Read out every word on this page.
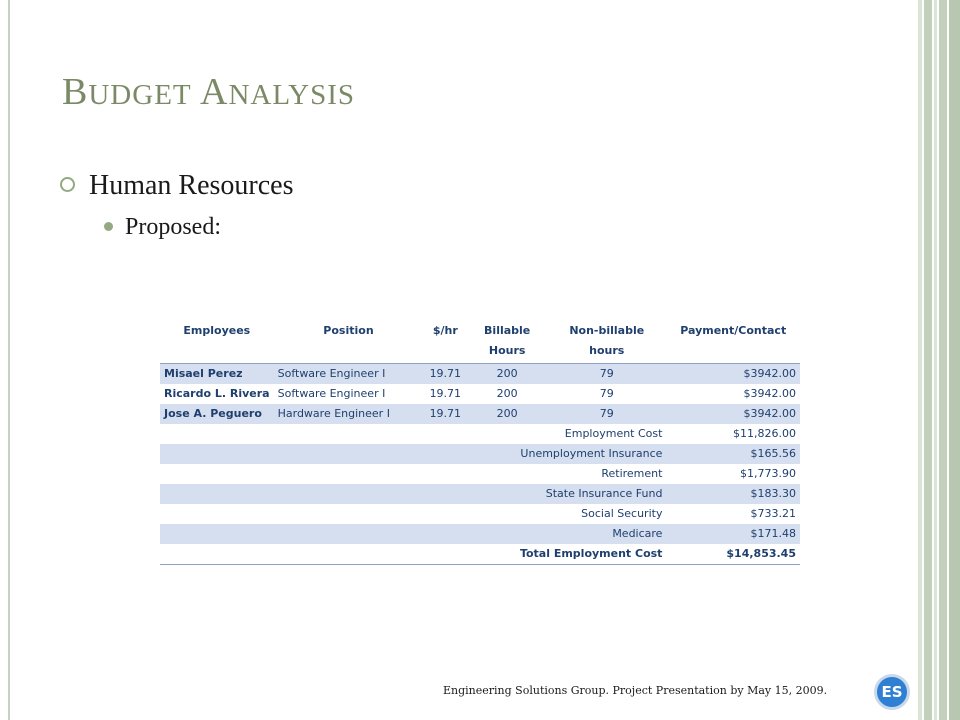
BUDGET ANALYSIS
Human Resources
Proposed:
Employees	Position	$/hr	Billable Hours	Non-billable hours	Payment/Contact
Misael Perez	Software Engineer I	19.71	200	79	$3942.00
Ricardo L. Rivera	Software Engineer I	19.71	200	79	$3942.00
Jose A. Peguero	Hardware Engineer I	19.71	200	79	$3942.00
Employment Cost					$11,826.00
Unemployment Insurance					$165.56
Retirement					$1,773.90
State Insurance Fund					$183.30
Social Security					$733.21
Medicare					$171.48
Total Employment Cost					$14,853.45
Engineering Solutions Group. Project Presentation by May 15, 2009.	ES
